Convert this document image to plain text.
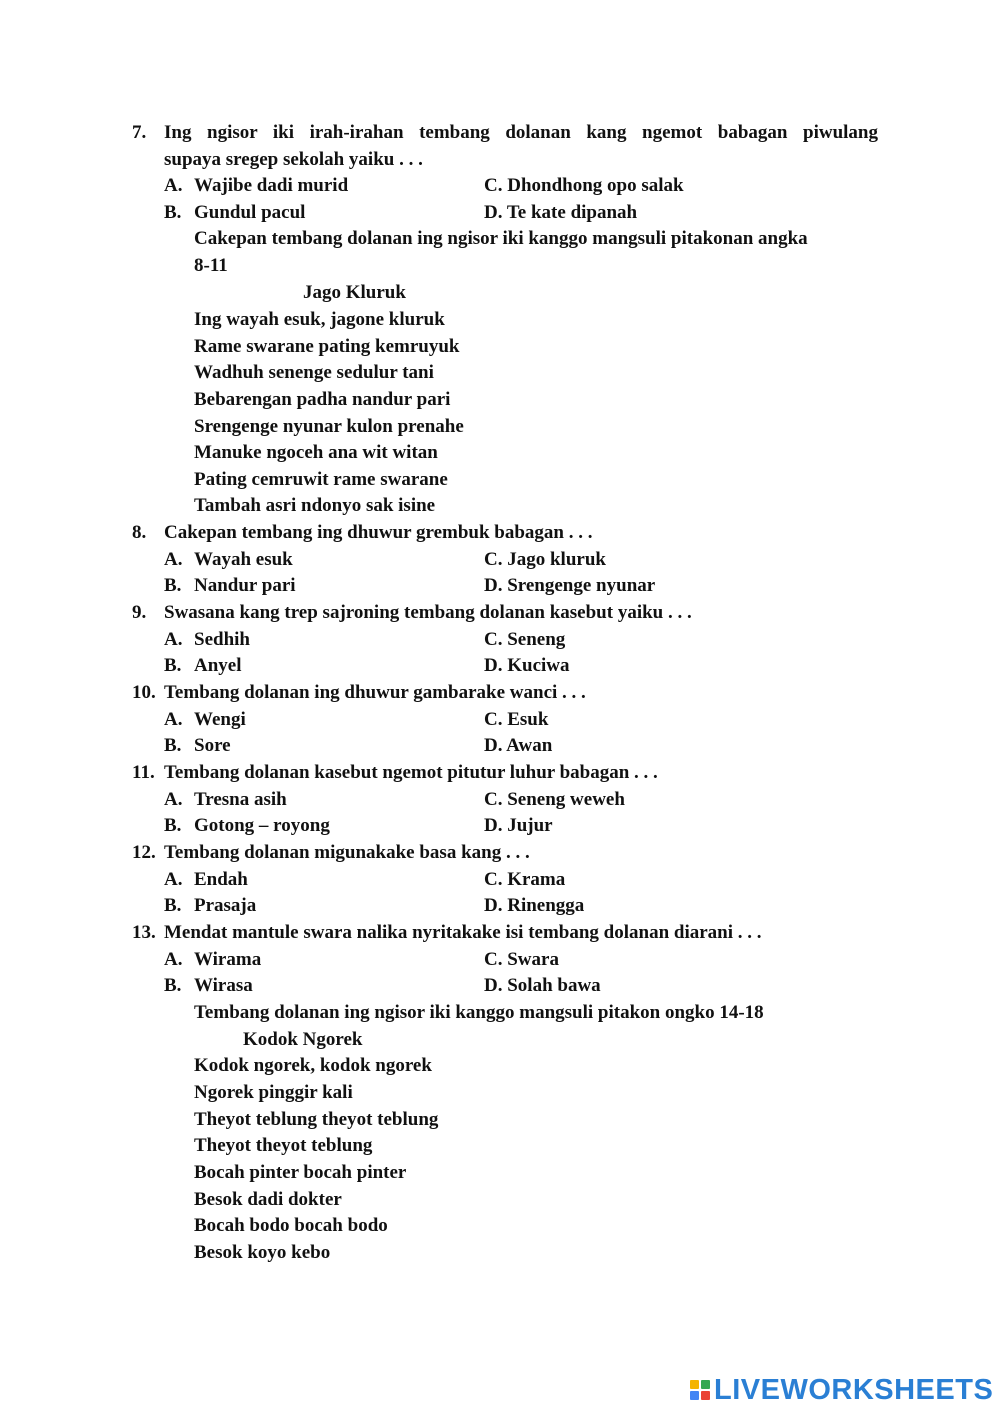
7. Ing ngisor iki irah-irahan tembang dolanan kang ngemot babagan piwulang
supaya sregep sekolah yaiku . . .
A. Wajibe dadi murid	C. Dhondhong opo salak
B. Gundul pacul	D. Te kate dipanah
Cakepan tembang dolanan ing ngisor iki kanggo mangsuli pitakonan angka
8-11
Jago Kluruk
Ing wayah esuk, jagone kluruk
Rame swarane pating kemruyuk
Wadhuh senenge sedulur tani
Bebarengan padha nandur pari
Srengenge nyunar kulon prenahe
Manuke ngoceh ana wit witan
Pating cemruwit rame swarane
Tambah asri ndonyo sak isine
8. Cakepan tembang ing dhuwur grembuk babagan . . .
A. Wayah esuk	C. Jago kluruk
B. Nandur pari	D. Srengenge nyunar
9. Swasana kang trep sajroning tembang dolanan kasebut yaiku . . .
A. Sedhih	C. Seneng
B. Anyel	D. Kuciwa
10. Tembang dolanan ing dhuwur gambarake wanci . . .
A. Wengi	C. Esuk
B. Sore	D. Awan
11. Tembang dolanan kasebut ngemot pitutur luhur babagan . . .
A. Tresna asih	C. Seneng weweh
B. Gotong – royong	D. Jujur
12. Tembang dolanan migunakake basa kang . . .
A. Endah	C. Krama
B. Prasaja	D. Rinengga
13. Mendat mantule swara nalika nyritakake isi tembang dolanan diarani . . .
A. Wirama	C. Swara
B. Wirasa	D. Solah bawa
Tembang dolanan ing ngisor iki kanggo mangsuli pitakon ongko 14-18
Kodok Ngorek
Kodok ngorek, kodok ngorek
Ngorek pinggir kali
Theyot teblung theyot teblung
Theyot theyot teblung
Bocah pinter bocah pinter
Besok dadi dokter
Bocah bodo bocah bodo
Besok koyo kebo
LIVEWORKSHEETS
